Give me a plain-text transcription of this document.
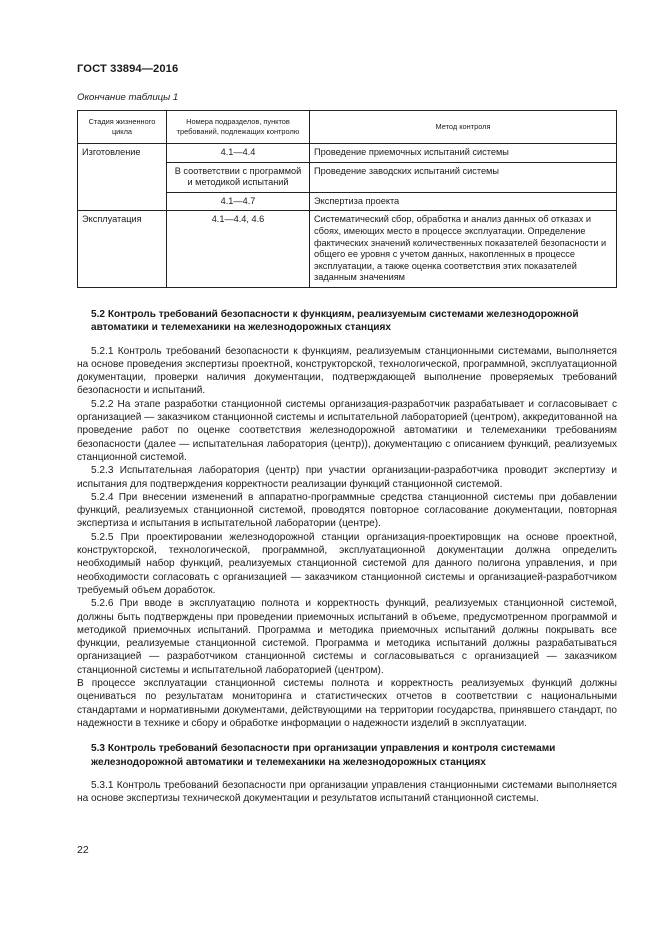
ГОСТ 33894—2016
Окончание таблицы 1
Стадия жизненного цикла	Номера подразделов, пунктов требований, подлежащих контролю	Метод контроля
Изготовление	4.1—4.4	Проведение приемочных испытаний системы
	В соответствии с программой и методикой испытаний	Проведение заводских испытаний системы
	4.1—4.7	Экспертиза проекта
Эксплуатация	4.1—4.4, 4.6	Систематический сбор, обработка и анализ данных об отказах и сбоях, имеющих место в процессе эксплуатации. Определение фактических значений количественных показателей безопасности и общего ее уровня с учетом данных, накопленных в процессе эксплуатации, а также оценка соответствия этих показателей заданным значениям

5.2 Контроль требований безопасности к функциям, реализуемым системами железнодорожной автоматики и телемеханики на железнодорожных станциях

5.2.1 Контроль требований безопасности к функциям, реализуемым станционными системами, выполняется на основе проведения экспертизы проектной, конструкторской, технологической, программной, эксплуатационной документации, проверки наличия документации, подтверждающей выполнение проверяемых требований безопасности и испытаний.

5.2.2 На этапе разработки станционной системы организация-разработчик разрабатывает и согласовывает с организацией — заказчиком станционной системы и испытательной лабораторией (центром), аккредитованной на проведение работ по оценке соответствия железнодорожной автоматики и телемеханики требованиям безопасности (далее — испытательная лаборатория (центр)), документацию с описанием функций, реализуемых станционной системой.

5.2.3 Испытательная лаборатория (центр) при участии организации-разработчика проводит экспертизу и испытания для подтверждения корректности реализации функций станционной системой.

5.2.4 При внесении изменений в аппаратно-программные средства станционной системы при добавлении функций, реализуемых станционной системой, проводятся повторное согласование документации, повторная экспертиза и испытания в испытательной лаборатории (центре).

5.2.5 При проектировании железнодорожной станции организация-проектировщик на основе проектной, конструкторской, технологической, программной, эксплуатационной документации должна определить необходимый набор функций, реализуемых станционной системой для данного полигона управления, и при необходимости согласовать с организацией — заказчиком станционной системы и организацией-разработчиком требуемый объем доработок.

5.2.6 При вводе в эксплуатацию полнота и корректность функций, реализуемых станционной системой, должны быть подтверждены при проведении приемочных испытаний в объеме, предусмотренном программой и методикой приемочных испытаний. Программа и методика приемочных испытаний должны покрывать все функции, реализуемые станционной системой. Программа и методика испытаний должны разрабатываться организацией — разработчиком станционной системы и согласовываться с организацией — заказчиком станционной системы и испытательной лабораторией (центром).

В процессе эксплуатации станционной системы полнота и корректность реализуемых функций должны оцениваться по результатам мониторинга и статистических отчетов в соответствии с национальными стандартами и нормативными документами, действующими на территории государства, принявшего стандарт, по надежности в технике и сбору и обработке информации о надежности изделий в эксплуатации.

5.3 Контроль требований безопасности при организации управления и контроля системами железнодорожной автоматики и телемеханики на железнодорожных станциях

5.3.1 Контроль требований безопасности при организации управления станционными системами выполняется на основе экспертизы технической документации и результатов испытаний станционной системы.

22
